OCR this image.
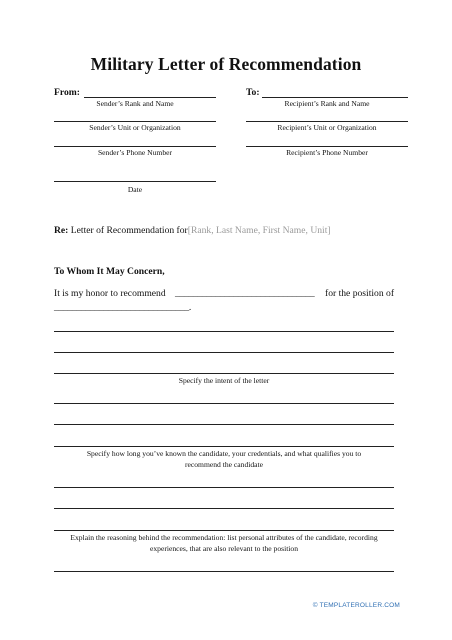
Military Letter of Recommendation
From:	To:
Sender’s Rank and Name	Recipient’s Rank and Name
Sender’s Unit or Organization	Recipient’s Unit or Organization
Sender’s Phone Number	Recipient’s Phone Number
Date
Re: Letter of Recommendation for[Rank, Last Name, First Name, Unit]
To Whom It May Concern,
It is my honor to recommend _______________________________ for the position of
______________________________.
Specify the intent of the letter
Specify how long you’ve known the candidate, your credentials, and what qualifies you to
recommend the candidate
Explain the reasoning behind the recommendation: list personal attributes of the candidate, recording
experiences, that are also relevant to the position
© TEMPLATEROLLER.COM
